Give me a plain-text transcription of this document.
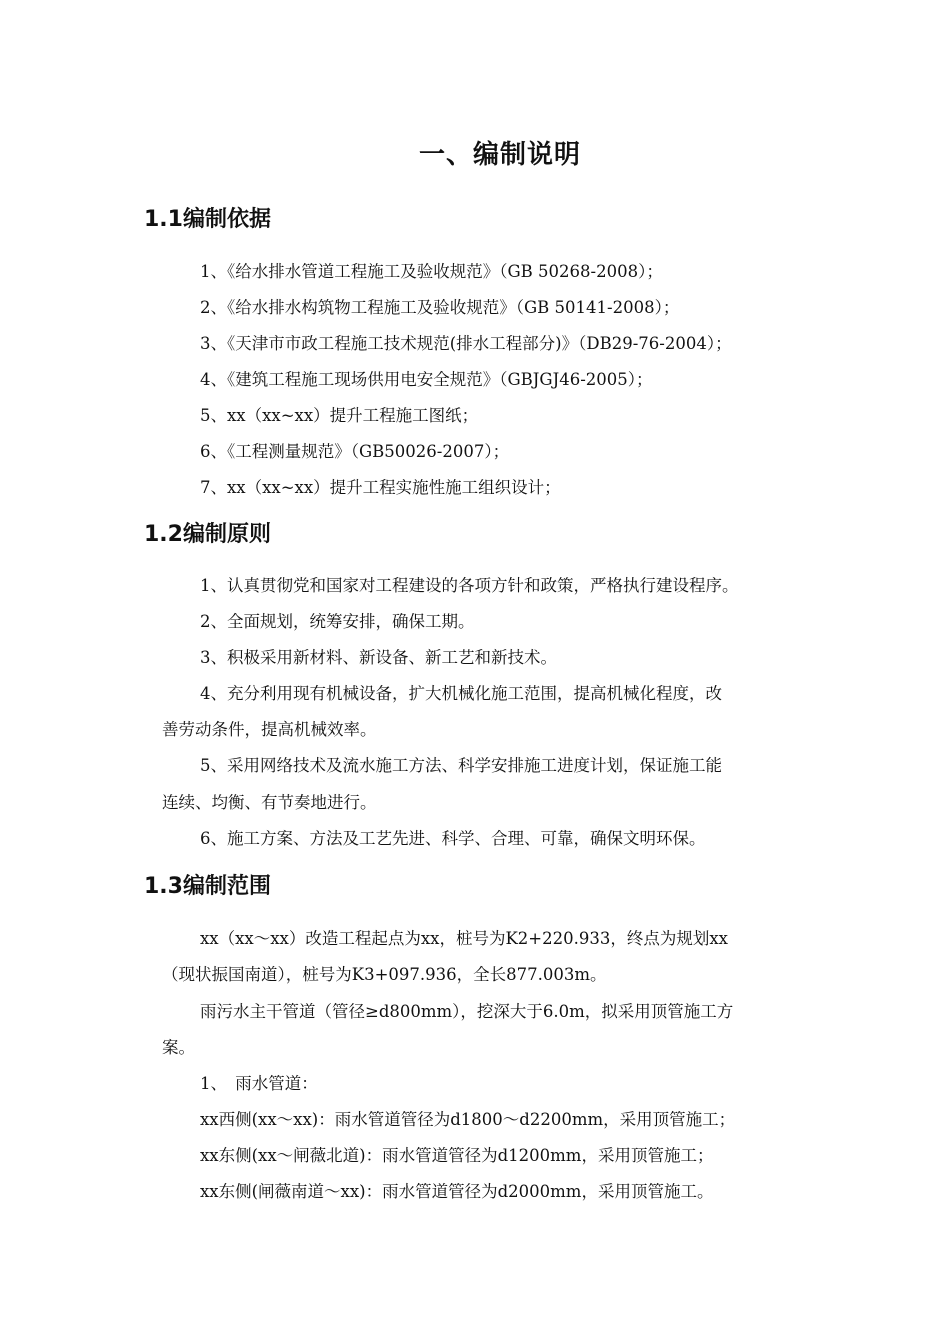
一、编制说明
1.1编制依据

1、《给水排水管道工程施工及验收规范》（GB 50268-2008）；

2、《给水排水构筑物工程施工及验收规范》（GB 50141-2008）；

3、《天津市市政工程施工技术规范(排水工程部分)》（DB29-76-2004）；

4、《建筑工程施工现场供用电安全规范》（GBJGJ46-2005）；

5、xx（xx~xx）提升工程施工图纸；

6、《工程测量规范》（GB50026-2007）；

7、xx（xx~xx）提升工程实施性施工组织设计；

1.2编制原则

1、认真贯彻党和国家对工程建设的各项方针和政策，严格执行建设程序。

2、全面规划，统筹安排，确保工期。

3、积极采用新材料、新设备、新工艺和新技术。

4、充分利用现有机械设备，扩大机械化施工范围，提高机械化程度，改

善劳动条件，提高机械效率。

5、采用网络技术及流水施工方法、科学安排施工进度计划，保证施工能

连续、均衡、有节奏地进行。

6、施工方案、方法及工艺先进、科学、合理、可靠，确保文明环保。

1.3编制范围

xx（xx～xx）改造工程起点为xx，桩号为K2+220.933，终点为规划xx

（现状振国南道），桩号为K3+097.936，全长877.003m。

雨污水主干管道（管径≥d800mm），挖深大于6.0m，拟采用顶管施工方

案。

1、　雨水管道：

xx西侧(xx～xx)：雨水管道管径为d1800～d2200mm，采用顶管施工；

xx东侧(xx～闸薇北道)：雨水管道管径为d1200mm，采用顶管施工；

xx东侧(闸薇南道～xx)：雨水管道管径为d2000mm，采用顶管施工。
